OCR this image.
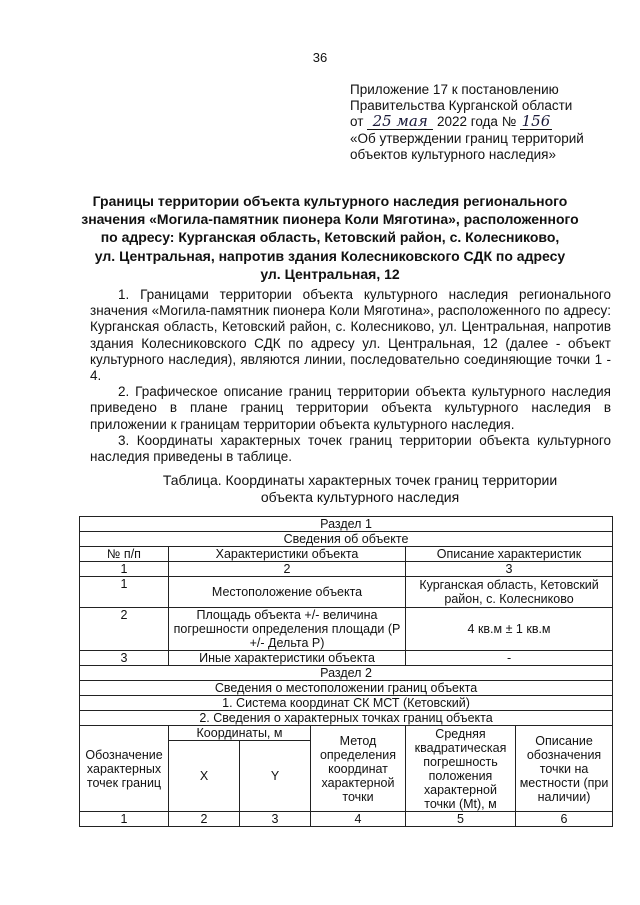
36
Приложение 17 к постановлению
Правительства Курганской области
от 25 мая 2022 года № 156
«Об утверждении границ территорий
объектов культурного наследия»
Границы территории объекта культурного наследия регионального
значения «Могила-памятник пионера Коли Мяготина», расположенного
по адресу: Курганская область, Кетовский район, с. Колесниково,
ул. Центральная, напротив здания Колесниковского СДК по адресу
ул. Центральная, 12

1. Границами территории объекта культурного наследия регионального значения «Могила-памятник пионера Коли Мяготина», расположенного по адресу: Курганская область, Кетовский район, с. Колесниково, ул. Центральная, напротив здания Колесниковского СДК по адресу ул. Центральная, 12 (далее - объект культурного наследия), являются линии, последовательно соединяющие точки 1 - 4.

2. Графическое описание границ территории объекта культурного наследия приведено в плане границ территории объекта культурного наследия в приложении к границам территории объекта культурного наследия.

3. Координаты характерных точек границ территории объекта культурного наследия приведены в таблице.

Таблица. Координаты характерных точек границ территории
объекта культурного наследия
Раздел 1					
Сведения об объекте					
№ п/п	Характеристики объекта			Описание характеристик	
1	2			3	
1	Местоположение объекта			Курганская область, Кетовский район, с. Колесниково	
2	Площадь объекта +/- величина погрешности определения площади (Р +/- Дельта Р)			4 кв.м ± 1 кв.м	
3	Иные характеристики объекта			-	
Раздел 2					
Сведения о местоположении границ объекта					
1. Система координат СК МСТ (Кетовский)					
2. Сведения о характерных точках границ объекта					
Обозначение характерных точек границ	Координаты, м		Метод определения координат характерной точки	Средняя квадратическая погрешность положения характерной точки (Mt), м	Описание обозначения точки на местности (при наличии)
	X	Y			
1	2	3	4	5	6
